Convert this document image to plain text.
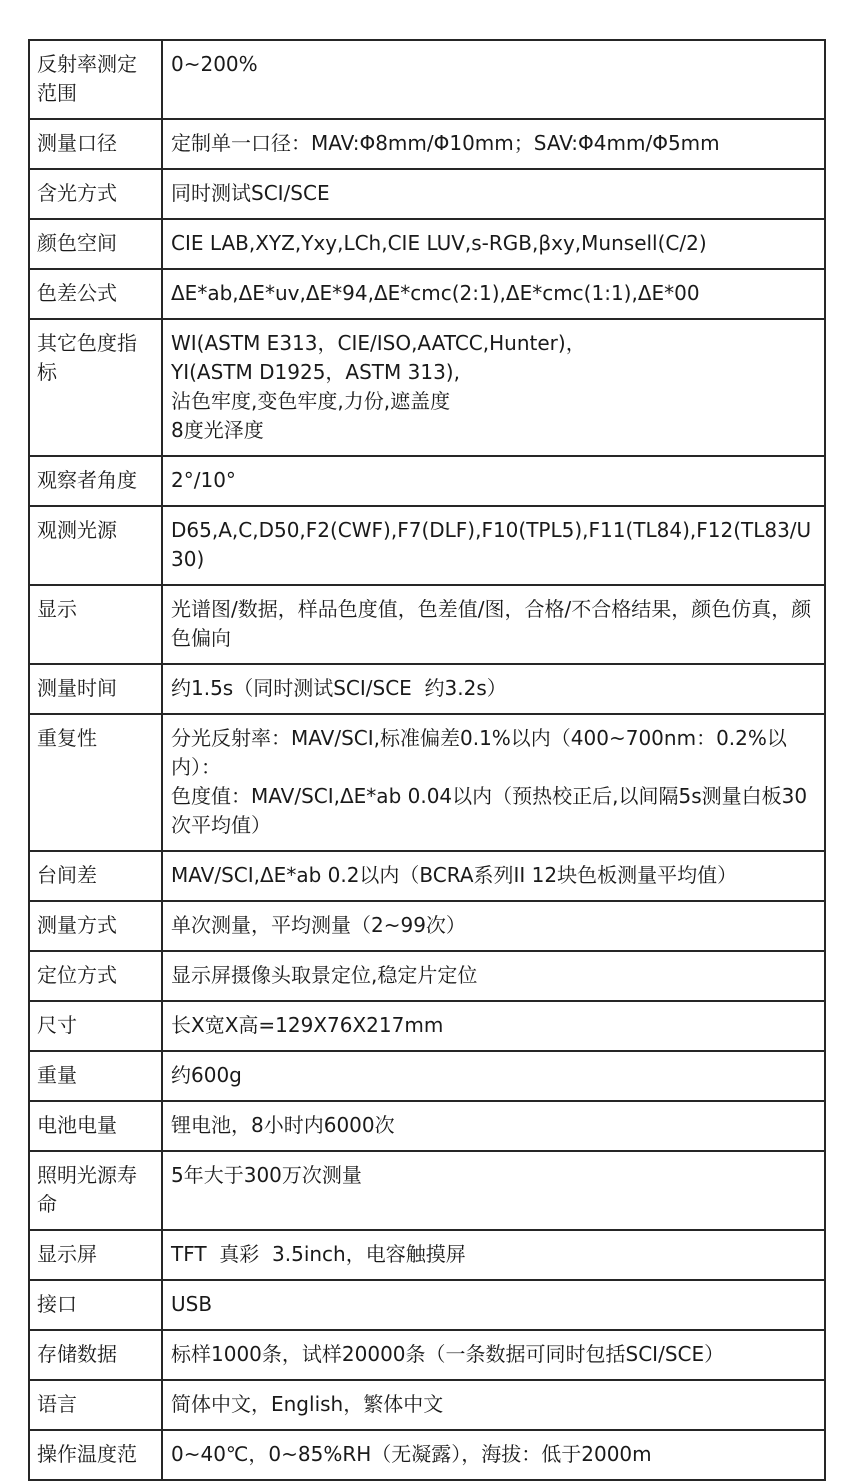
反射率测定范围	0~200%

测量口径	定制单一口径：MAV:Φ8mm/Φ10mm；SAV:Φ4mm/Φ5mm

含光方式	同时测试SCI/SCE

颜色空间	CIE LAB,XYZ,Yxy,LCh,CIE LUV,s-RGB,βxy,Munsell(C/2)

色差公式	ΔE*ab,ΔE*uv,ΔE*94,ΔE*cmc(2:1),ΔE*cmc(1:1),ΔE*00

其它色度指标	WI(ASTM E313，CIE/ISO,AATCC,Hunter)，
YI(ASTM D1925，ASTM 313),
沾色牢度,变色牢度,力份,遮盖度
8度光泽度

观察者角度	2°/10°

观测光源	D65,A,C,D50,F2(CWF),F7(DLF),F10(TPL5),F11(TL84),F12(TL83/U30)

显示	光谱图/数据，样品色度值，色差值/图，合格/不合格结果，颜色仿真，颜色偏向

测量时间	约1.5s（同时测试SCI/SCE  约3.2s）

重复性	分光反射率：MAV/SCI,标准偏差0.1%以内（400~700nm：0.2%以内）：
色度值：MAV/SCI,ΔE*ab 0.04以内（预热校正后,以间隔5s测量白板30次平均值）

台间差	MAV/SCI,ΔE*ab 0.2以内（BCRA系列II 12块色板测量平均值）

测量方式	单次测量，平均测量（2~99次）

定位方式	显示屏摄像头取景定位,稳定片定位

尺寸	长X宽X高=129X76X217mm

重量	约600g

电池电量	锂电池，8小时内6000次

照明光源寿命	5年大于300万次测量

显示屏	TFT  真彩  3.5inch，电容触摸屏

接口	USB

存储数据	标样1000条，试样20000条（一条数据可同时包括SCI/SCE）

语言	简体中文，English，繁体中文

操作温度范	0~40℃，0~85%RH（无凝露），海拔：低于2000m
